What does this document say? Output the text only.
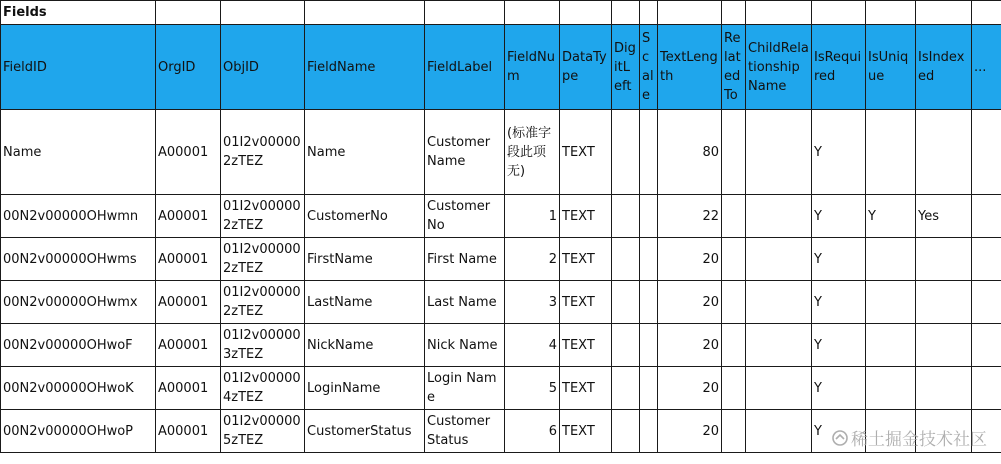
Fields															
FieldID	OrgID	ObjID	FieldName	FieldLabel	FieldNum	DataType	DigitLeft	Scale	TextLength	RelatedTo	ChildRelationshipName	IsRequired	IsUnique	IsIndexed	...
Name	A00001	01I2v000002zTEZ	Name	Customer Name	(标准字段此项无)	TEXT			80			Y			
00N2v00000OHwmn	A00001	01I2v000002zTEZ	CustomerNo	Customer No	1	TEXT			22			Y	Y	Yes	
00N2v00000OHwms	A00001	01I2v000002zTEZ	FirstName	First Name	2	TEXT			20			Y			
00N2v00000OHwmx	A00001	01I2v000002zTEZ	LastName	Last Name	3	TEXT			20			Y			
00N2v00000OHwoF	A00001	01I2v000003zTEZ	NickName	Nick Name	4	TEXT			20			Y			
00N2v00000OHwoK	A00001	01I2v000004zTEZ	LoginName	Login Name	5	TEXT			20			Y			
00N2v00000OHwoP	A00001	01I2v000005zTEZ	CustomerStatus	Customer Status	6	TEXT			20			Y			稀土掘金技术社区
